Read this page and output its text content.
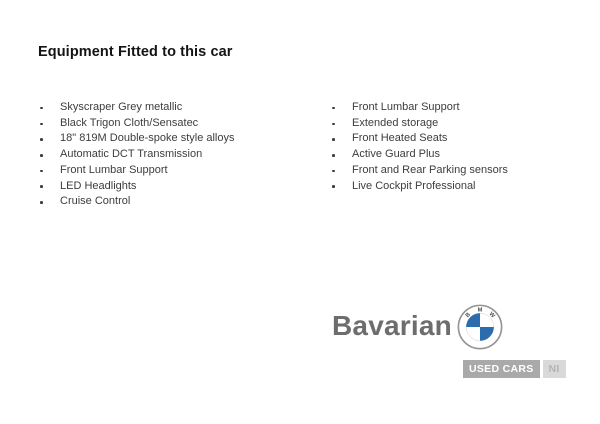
Equipment Fitted to this car
Skyscraper Grey metallic
Black Trigon Cloth/Sensatec
18" 819M Double-spoke style alloys
Automatic DCT Transmission
Front Lumbar Support
LED Headlights
Cruise Control
Front Lumbar Support
Extended storage
Front Heated Seats
Active Guard Plus
Front and Rear Parking sensors
Live Cockpit Professional
Bavarian B
M
W
USED CARS	NI
